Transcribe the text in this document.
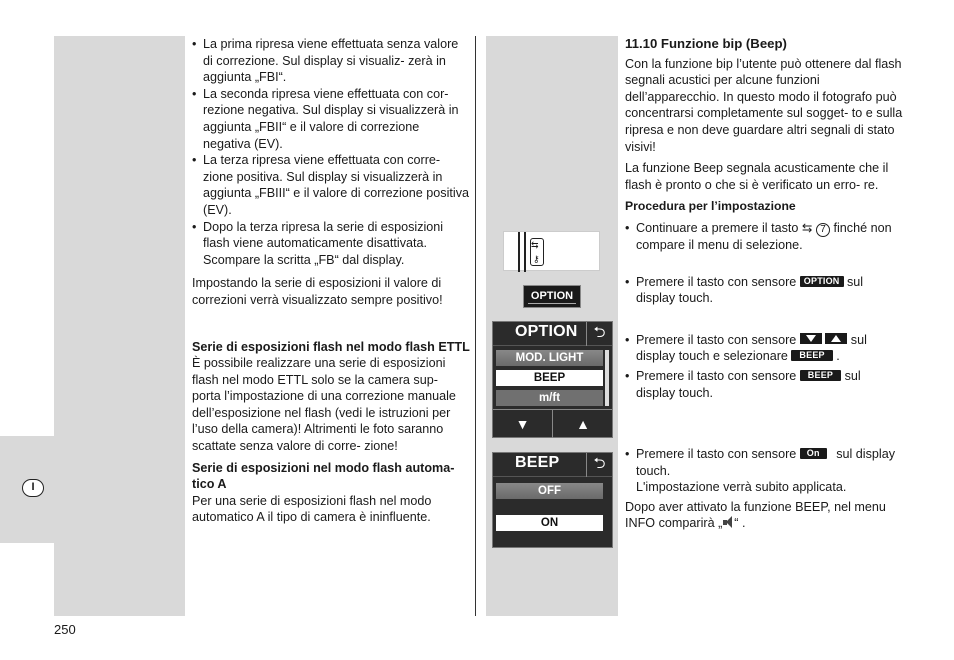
I
• La prima ripresa viene effettuata senza valore di correzione. Sul display si visualiz- zerà in aggiunta „FBI“.
• La seconda ripresa viene effettuata con cor- rezione negativa. Sul display si visualizzerà in aggiunta „FBII“ e il valore di correzione negativa (EV).
• La terza ripresa viene effettuata con corre- zione positiva. Sul display si visualizzerà in aggiunta „FBIII“ e il valore di correzione positiva (EV).
• Dopo la terza ripresa la serie di esposizioni flash viene automaticamente disattivata. Scompare la scritta „FB“ dal display.
Impostando la serie di esposizioni il valore di correzioni verrà visualizzato sempre positivo!
Serie di esposizioni flash nel modo flash ETTL
È possibile realizzare una serie di esposizioni flash nel modo ETTL solo se la camera sup- porta l’impostazione di una correzione manuale dell’esposizione nel flash (vedi le istruzioni per l’uso della camera)! Altrimenti le foto saranno scattate senza valore di corre- zione!
Serie di esposizioni nel modo flash automa- tico A
Per una serie di esposizioni flash nel modo automatico A il tipo di camera è ininfluente.
⇆
⚷
OPTION
OPTION	⮌
MOD. LIGHT
BEEP
m/ft
▼	▲
BEEP	⮌
OFF
ON
11.10 Funzione bip (Beep)
Con la funzione bip l’utente può ottenere dal flash segnali acustici per alcune funzioni dell’apparecchio. In questo modo il fotografo può concentrarsi completamente sul sogget- to e sulla ripresa e non deve guardare altri segnali di stato visivi!
La funzione Beep segnala acusticamente che il flash è pronto o che si è verificato un erro- re.
Procedura per l’impostazione
• Continuare a premere il tasto ⇆ 7 finché non compare il menu di selezione.
• Premere il tasto con sensore OPTION sul display touch.
• Premere il tasto con sensore
	sul display touch e selezionare BEEP .
• Premere il tasto con sensore BEEP sul display touch.
• Premere il tasto con sensore On sul display touch.
L'impostazione verrà subito applicata.
Dopo aver attivato la funzione BEEP, nel menu INFO comparirà „ “ .
250
